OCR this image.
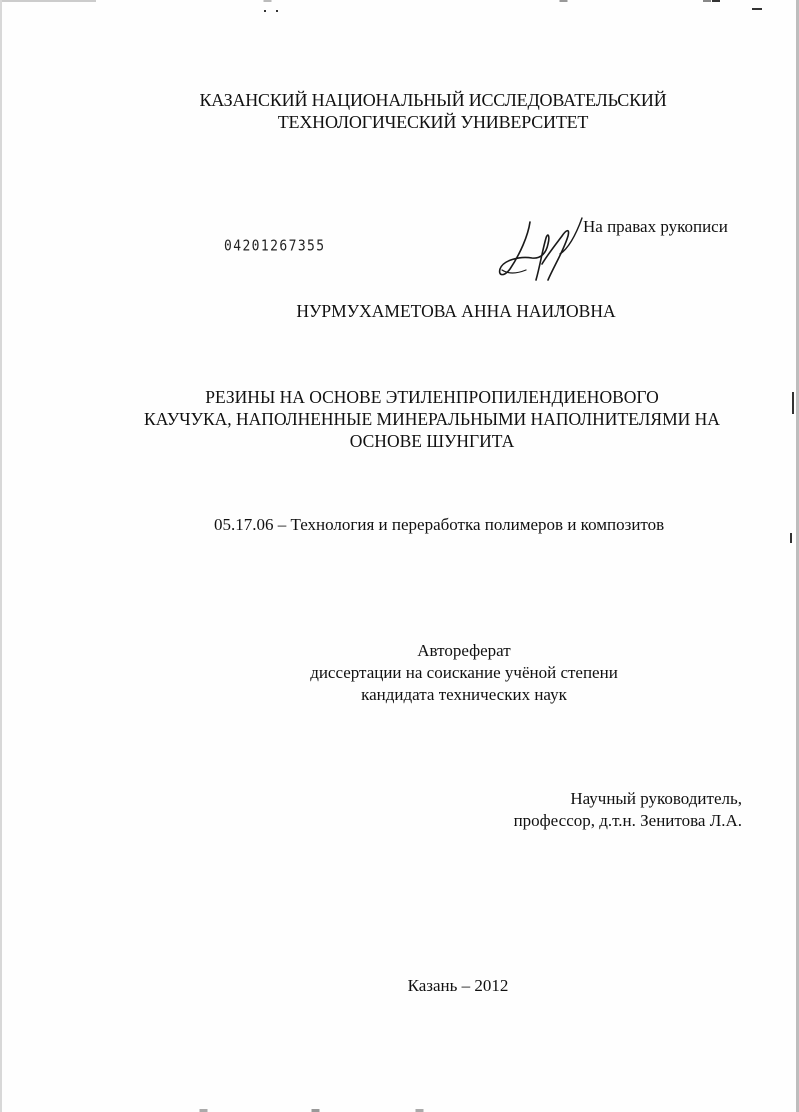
КАЗАНСКИЙ НАЦИОНАЛЬНЫЙ ИССЛЕДОВАТЕЛЬСКИЙ
ТЕХНОЛОГИЧЕСКИЙ УНИВЕРСИТЕТ
На правах рукописи
04201267355
НУРМУХАМЕТОВА АННА НАИЛОВНА
РЕЗИНЫ НА ОСНОВЕ ЭТИЛЕНПРОПИЛЕНДИЕНОВОГО
КАУЧУКА, НАПОЛНЕННЫЕ МИНЕРАЛЬНЫМИ НАПОЛНИТЕЛЯМИ НА
ОСНОВЕ ШУНГИТА
05.17.06 – Технология и переработка полимеров и композитов
Автореферат
диссертации на соискание учёной степени
кандидата технических наук
Научный руководитель,
профессор, д.т.н. Зенитова Л.А.
Казань – 2012
